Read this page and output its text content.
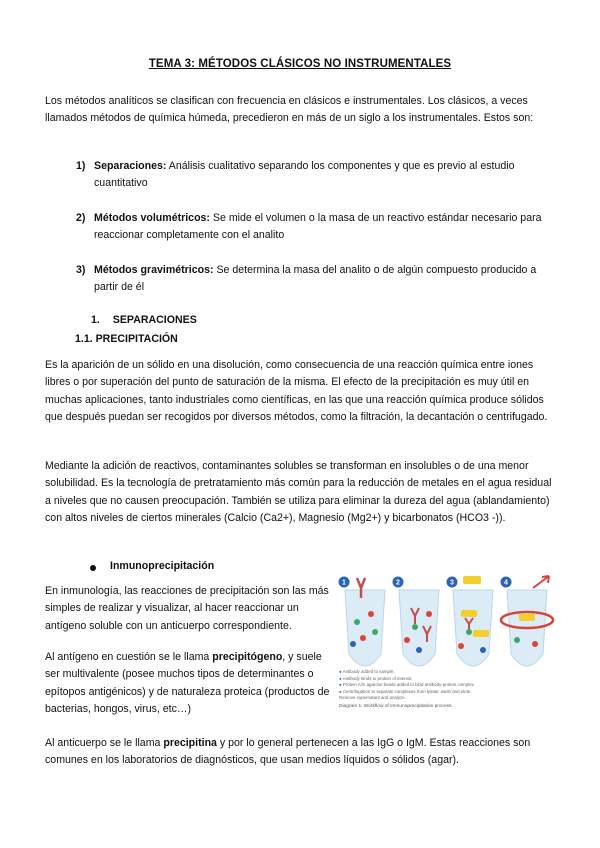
TEMA 3: MÉTODOS CLÁSICOS NO INSTRUMENTALES
Los métodos analíticos se clasifican con frecuencia en clásicos e instrumentales. Los clásicos, a veces llamados métodos de química húmeda, precedieron en más de un siglo a los instrumentales. Estos son:
1) Separaciones: Análisis cualitativo separando los componentes y que es previo al estudio cuantitativo
2) Métodos volumétricos: Se mide el volumen o la masa de un reactivo estándar necesario para reaccionar completamente con el analito
3) Métodos gravimétricos: Se determina la masa del analito o de algún compuesto producido a partir de él
1. SEPARACIONES
1.1. PRECIPITACIÓN
Es la aparición de un sólido en una disolución, como consecuencia de una reacción química entre iones libres o por superación del punto de saturación de la misma. El efecto de la precipitación es muy útil en muchas aplicaciones, tanto industriales como científicas, en las que una reacción química produce sólidos que después puedan ser recogidos por diversos métodos, como la filtración, la decantación o centrifugado.
Mediante la adición de reactivos, contaminantes solubles se transforman en insolubles o de una menor solubilidad. Es la tecnología de pretratamiento más común para la reducción de metales en el agua residual a niveles que no causen preocupación. También se utiliza para eliminar la dureza del agua (ablandamiento) con altos niveles de ciertos minerales (Calcio (Ca2+), Magnesio (Mg2+) y bicarbonatos (HCO3 -)).
Inmunoprecipitación
En inmunología, las reacciones de precipitación son las más simples de realizar y visualizar, al hacer reaccionar un antígeno soluble con un anticuerpo correspondiente.
Al antígeno en cuestión se le llama precipitógeno, y suele ser multivalente (posee muchos tipos de determinantes o epítopos antigénicos) y de naturaleza proteica (productos de bacterias, hongos, virus, etc…)
Al anticuerpo se le llama precipitina y por lo general pertenecen a las IgG o IgM. Estas reacciones son comunes en los laboratorios de diagnósticos, que usan medios líquidos o sólidos (agar).
1	2	3	4
● Antibody added to sample.
● Antibody binds to protein of interest.
● Protein A/G agarose beads added to bind antibody-protein complex.
● Centrifugation to separate complexes from lysate; wash and elute.
Remove supernatant and analyze.
Diagram 1: Workflow of Immunoprecipitation process.
